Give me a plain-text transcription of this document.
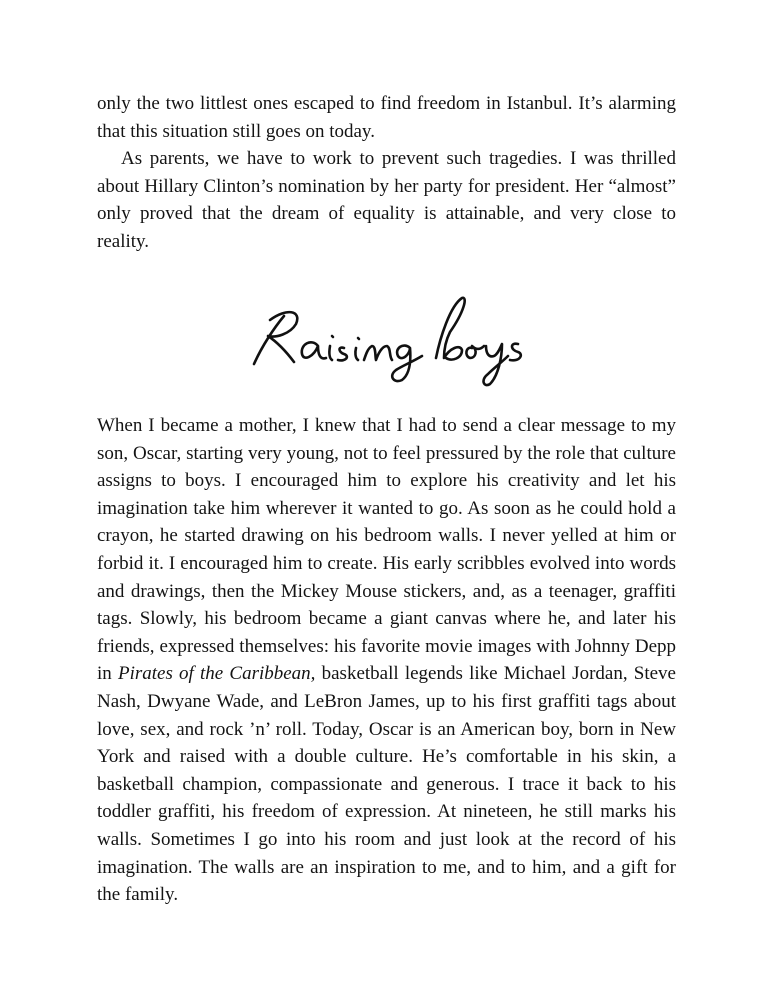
only the two littlest ones escaped to find freedom in Istanbul. It’s alarming that this situation still goes on today.

As parents, we have to work to prevent such tragedies. I was thrilled about Hillary Clinton’s nomination by her party for president. Her “almost” only proved that the dream of equality is attainable, and very close to reality.

When I became a mother, I knew that I had to send a clear message to my son, Oscar, starting very young, not to feel pressured by the role that culture assigns to boys. I encouraged him to explore his creativity and let his imagination take him wherever it wanted to go. As soon as he could hold a crayon, he started drawing on his bedroom walls. I never yelled at him or forbid it. I encouraged him to create. His early scribbles evolved into words and drawings, then the Mickey Mouse stickers, and, as a teenager, graffiti tags. Slowly, his bedroom became a giant canvas where he, and later his friends, expressed themselves: his favorite movie images with Johnny Depp in Pirates of the Caribbean, basketball legends like Michael Jordan, Steve Nash, Dwyane Wade, and LeBron James, up to his first graffiti tags about love, sex, and rock ’n’ roll. Today, Oscar is an American boy, born in New York and raised with a double culture. He’s comfortable in his skin, a basketball champion, compassionate and generous. I trace it back to his toddler graffiti, his freedom of expression. At nineteen, he still marks his walls. Sometimes I go into his room and just look at the record of his imagination. The walls are an inspiration to me, and to him, and a gift for the family.
